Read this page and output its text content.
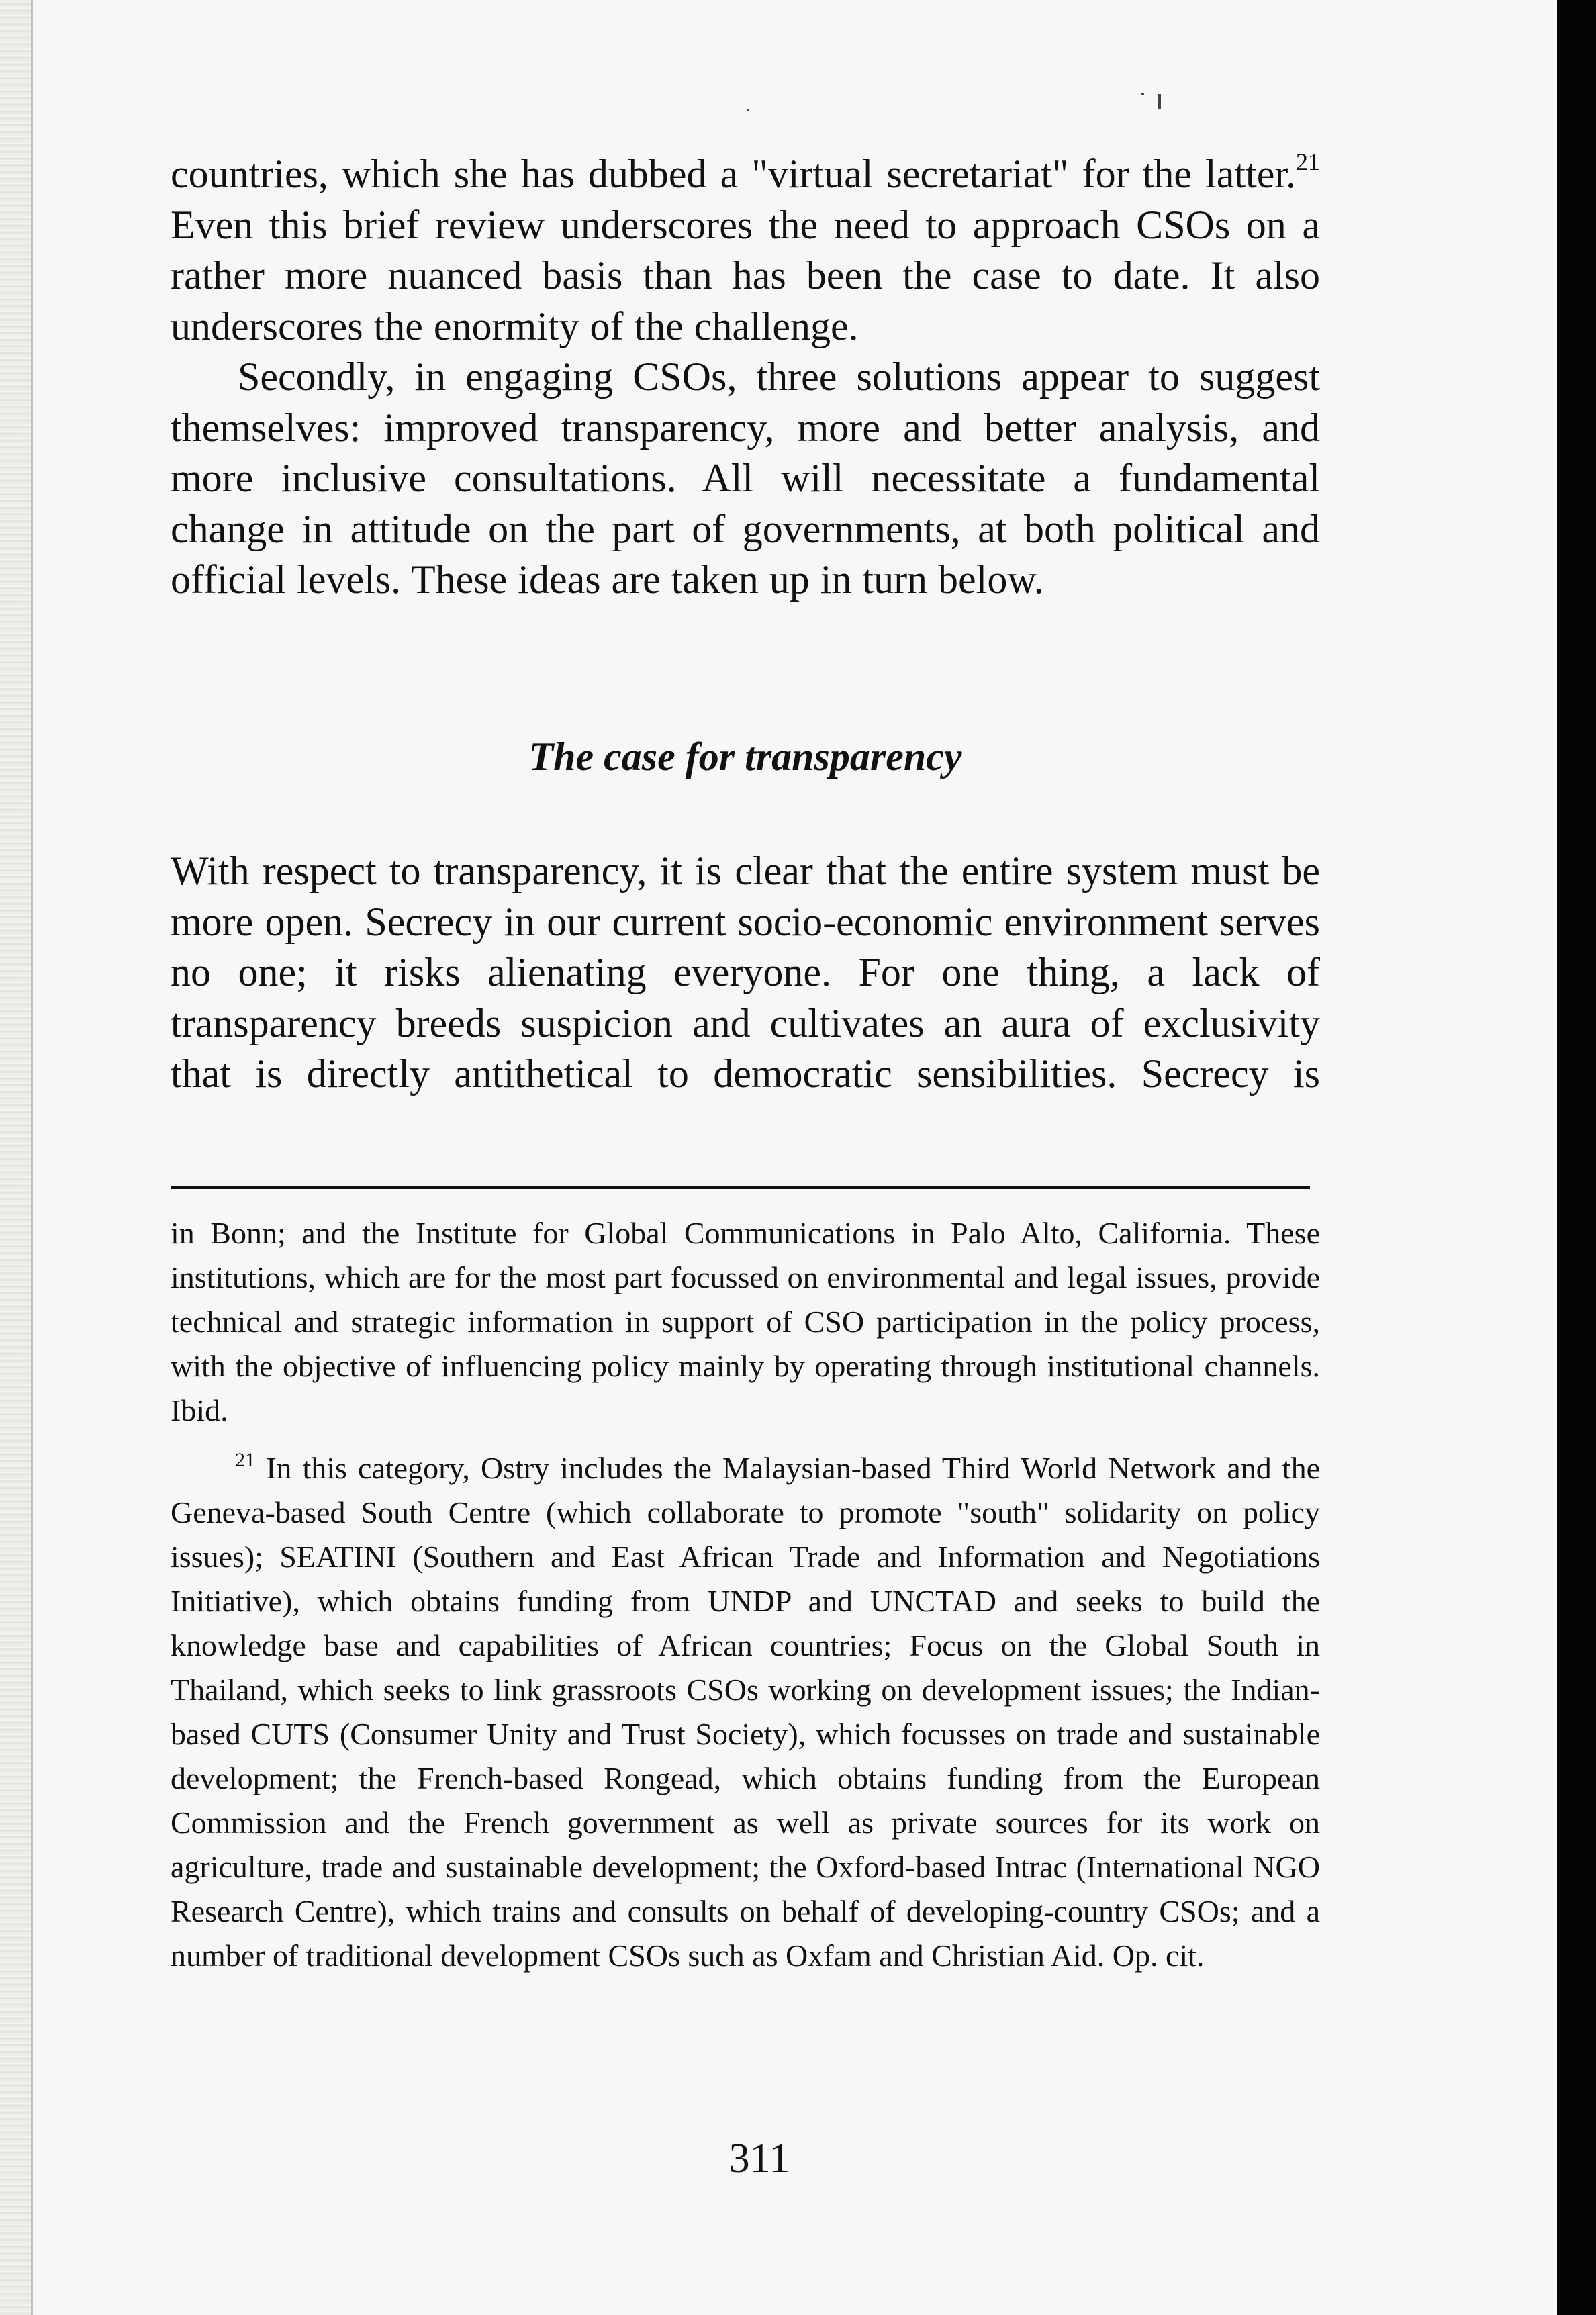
countries, which she has dubbed a "virtual secretariat" for the latter.$^{21}$ Even this brief review underscores the need to approach CSOs on a rather more nuanced basis than has been the case to date. It also underscores the enormity of the challenge.

Secondly, in engaging CSOs, three solutions appear to suggest themselves: improved transparency, more and better analysis, and more inclusive consultations. All will necessitate a fundamental change in attitude on the part of governments, at both political and official levels. These ideas are taken up in turn below.

The case for transparency

With respect to transparency, it is clear that the entire system must be more open. Secrecy in our current socio-economic environment serves no one; it risks alienating everyone. For one thing, a lack of transparency breeds suspicion and cultivates an aura of exclusivity that is directly antithetical to democratic sensibilities. Secrecy is

in Bonn; and the Institute for Global Communications in Palo Alto, California. These institutions, which are for the most part focussed on environmental and legal issues, provide technical and strategic information in support of CSO participation in the policy process, with the objective of influencing policy mainly by operating through institutional channels. Ibid.

$^{21}$ In this category, Ostry includes the Malaysian-based Third World Network and the Geneva-based South Centre (which collaborate to promote "south" solidarity on policy issues); SEATINI (Southern and East African Trade and Information and Negotiations Initiative), which obtains funding from UNDP and UNCTAD and seeks to build the knowledge base and capabilities of African countries; Focus on the Global South in Thailand, which seeks to link grassroots CSOs working on development issues; the Indian-based CUTS (Consumer Unity and Trust Society), which focusses on trade and sustainable development; the French-based Rongead, which obtains funding from the European Commission and the French government as well as private sources for its work on agriculture, trade and sustainable development; the Oxford-based Intrac (International NGO Research Centre), which trains and consults on behalf of developing-country CSOs; and a number of traditional development CSOs such as Oxfam and Christian Aid. Op. cit.

311
